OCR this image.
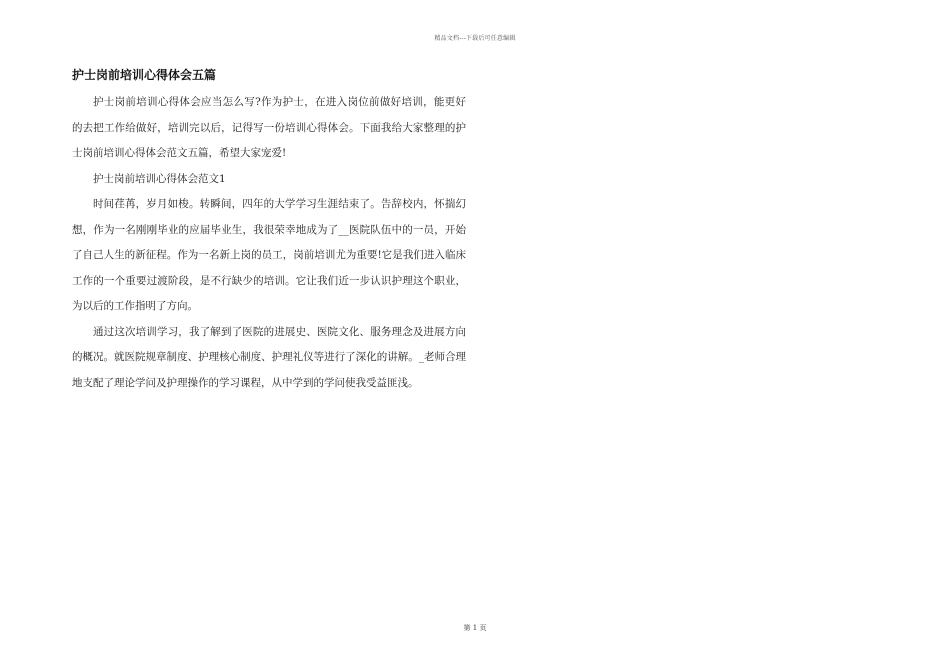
精品文档---下载后可任意编辑
护士岗前培训心得体会五篇

护士岗前培训心得体会应当怎么写?作为护士，在进入岗位前做好培训，能更好的去把工作给做好，培训完以后，记得写一份培训心得体会。下面我给大家整理的护士岗前培训心得体会范文五篇，希望大家宠爱!

护士岗前培训心得体会范文1

时间荏苒，岁月如梭。转瞬间，四年的大学学习生涯结束了。告辞校内，怀揣幻想，作为一名刚刚毕业的应届毕业生，我很荣幸地成为了__医院队伍中的一员，开始了自己人生的新征程。作为一名新上岗的员工，岗前培训尤为重要!它是我们进入临床工作的一个重要过渡阶段，是不行缺少的培训。它让我们近一步认识护理这个职业，为以后的工作指明了方向。

通过这次培训学习，我了解到了医院的进展史、医院文化、服务理念及进展方向的概况。就医院规章制度、护理核心制度、护理礼仪等进行了深化的讲解。_老师合理地支配了理论学问及护理操作的学习课程，从中学到的学问使我受益匪浅。

第 1 页
